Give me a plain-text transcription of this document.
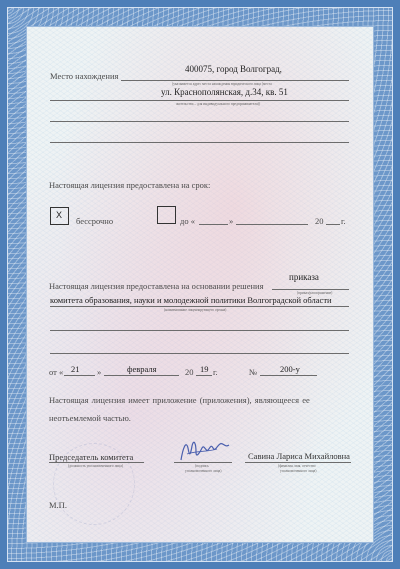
Место нахождения
400075, город Волгоград,
(указывается адрес места нахождения юридического лица (места
ул. Краснополянская, д.34, кв. 51
жительства – для индивидуального предпринимателя))
Настоящая лицензия предоставлена на срок:
X
бессрочно	до «	»	20 г.
Настоящая лицензия предоставлена на основании решения
приказа
(приказ/распоряжение)
комитета образования, науки и молодежной политики Волгоградской области
(наименование лицензирующего органа)
от « 21 »	февраля	20 19 г.	№	200-у
Настоящая лицензия имеет приложение (приложения), являющееся ее
неотъемлемой частью.
Председатель комитета
(должность уполномоченного лица)	(подпись
уполномоченного лица)
Савина Лариса Михайловна
(фамилия, имя, отчество
уполномоченного лица)
М.П.
